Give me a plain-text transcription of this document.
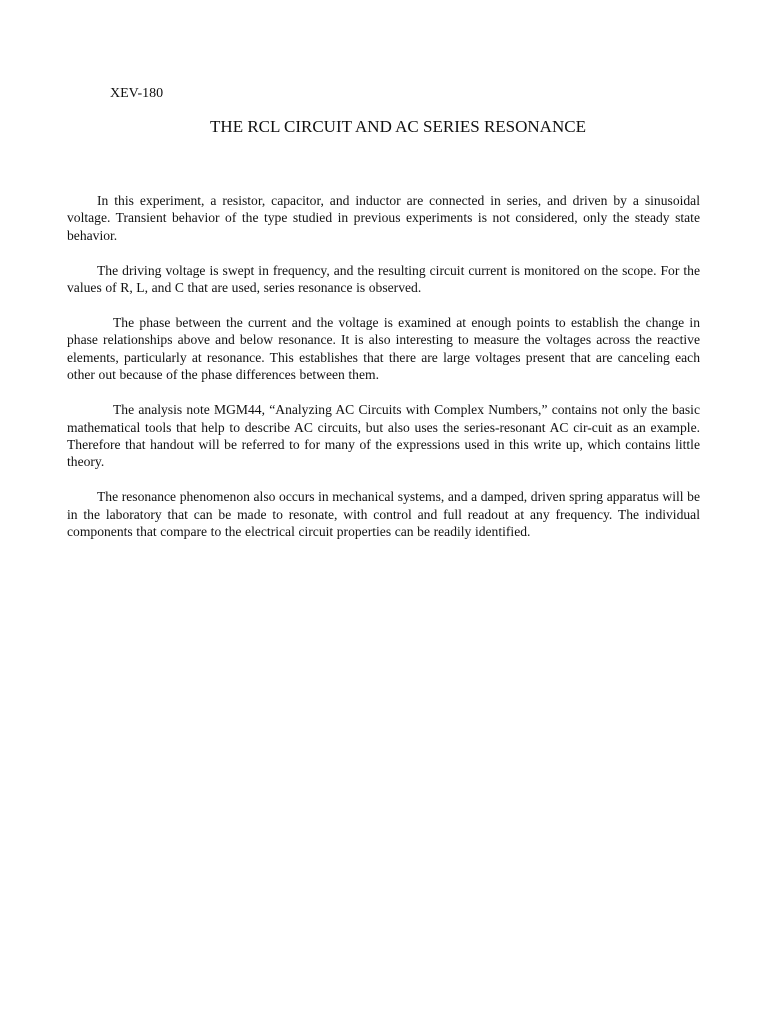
XEV-180

THE RCL CIRCUIT AND AC SERIES RESONANCE

In this experiment, a resistor, capacitor, and inductor are connected in series, and driven by a sinusoidal voltage. Transient behavior of the type studied in previous experiments is not considered, only the steady state behavior.

The driving voltage is swept in frequency, and the resulting circuit current is monitored on the scope. For the values of R, L, and C that are used, series resonance is observed.

The phase between the current and the voltage is examined at enough points to establish the change in phase relationships above and below resonance. It is also interesting to measure the voltages across the reactive elements, particularly at resonance. This establishes that there are large voltages present that are canceling each other out because of the phase differences between them.

The analysis note MGM44, “Analyzing AC Circuits with Complex Numbers,” contains not only the basic mathematical tools that help to describe AC circuits, but also uses the series-resonant AC cir-cuit as an example. Therefore that handout will be referred to for many of the expressions used in this write up, which contains little theory.

The resonance phenomenon also occurs in mechanical systems, and a damped, driven spring apparatus will be in the laboratory that can be made to resonate, with control and full readout at any frequency. The individual components that compare to the electrical circuit properties can be readily identified.
